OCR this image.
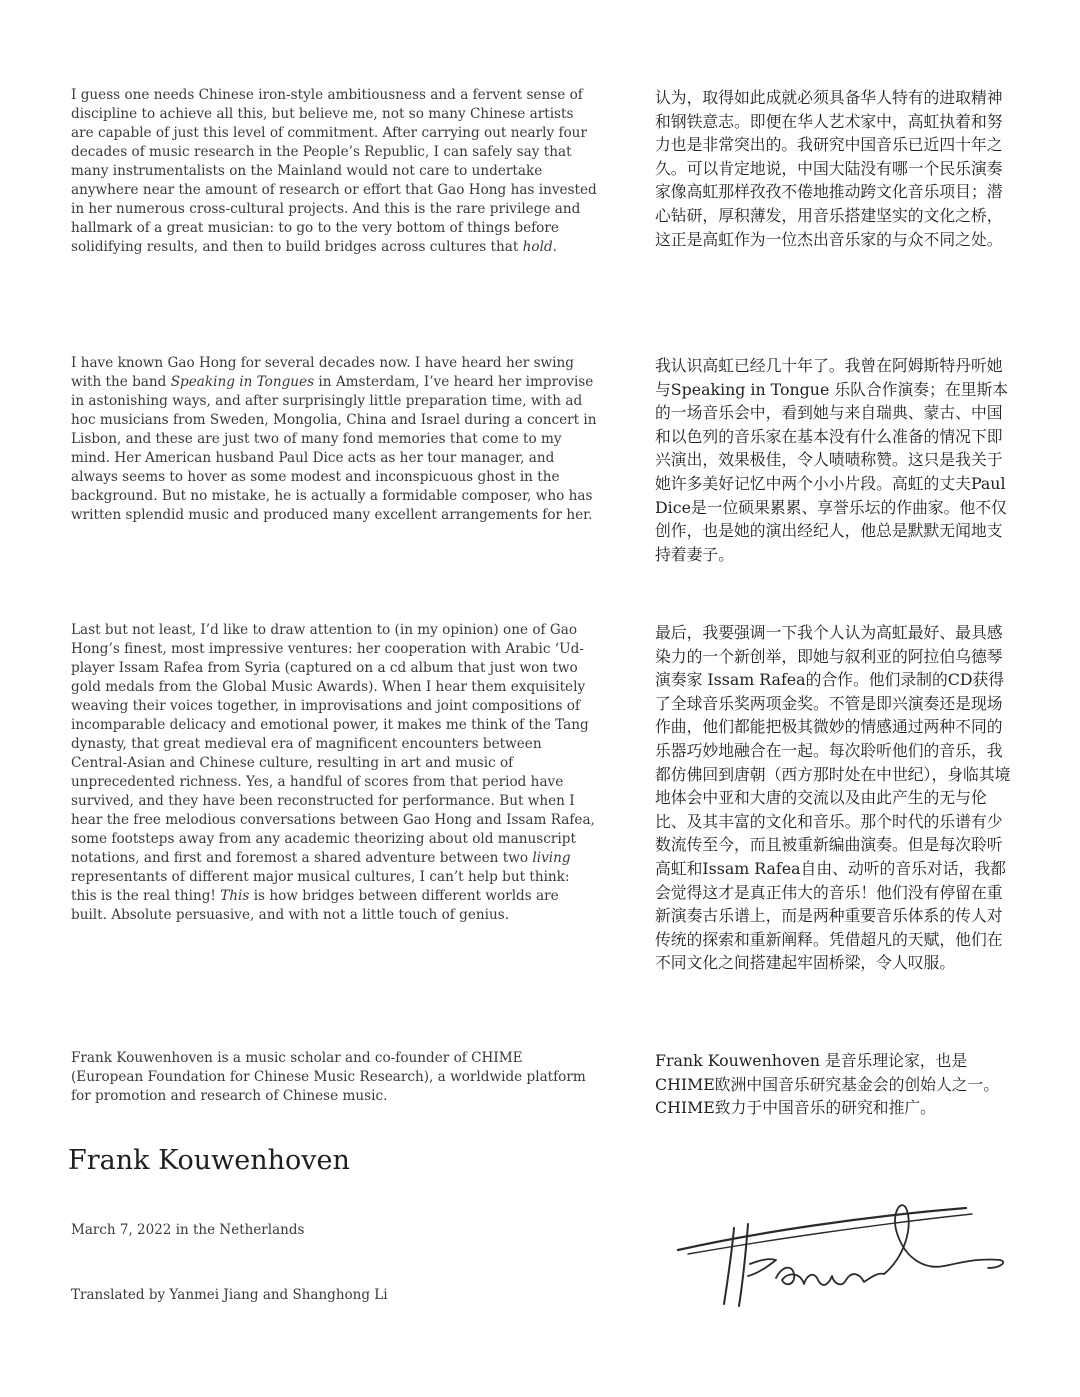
I guess one needs Chinese iron-style ambitiousness and a fervent sense of discipline to achieve all this, but believe me, not so many Chinese artists are capable of just this level of commitment. After carrying out nearly four decades of music research in the People’s Republic, I can safely say that many instrumentalists on the Mainland would not care to undertake anywhere near the amount of research or effort that Gao Hong has invested in her numerous cross-cultural projects. And this is the rare privilege and hallmark of a great musician: to go to the very bottom of things before solidifying results, and then to build bridges across cultures that hold.

认为，取得如此成就必须具备华人特有的进取精神和钢铁意志。即便在华人艺术家中，高虹执着和努力也是非常突出的。我研究中国音乐已近四十年之久。可以肯定地说，中国大陆没有哪一个民乐演奏家像高虹那样孜孜不倦地推动跨文化音乐项目；潜心钻研，厚积薄发，用音乐搭建坚实的文化之桥，这正是高虹作为一位杰出音乐家的与众不同之处。

I have known Gao Hong for several decades now. I have heard her swing with the band Speaking in Tongues in Amsterdam, I’ve heard her improvise in astonishing ways, and after surprisingly little preparation time, with ad hoc musicians from Sweden, Mongolia, China and Israel during a concert in Lisbon, and these are just two of many fond memories that come to my mind. Her American husband Paul Dice acts as her tour manager, and always seems to hover as some modest and inconspicuous ghost in the background. But no mistake, he is actually a formidable composer, who has written splendid music and produced many excellent arrangements for her.

我认识高虹已经几十年了。我曾在阿姆斯特丹听她与Speaking in Tongue 乐队合作演奏；在里斯本的一场音乐会中，看到她与来自瑞典、蒙古、中国和以色列的音乐家在基本没有什么准备的情况下即兴演出，效果极佳，令人啧啧称赞。这只是我关于她许多美好记忆中两个小小片段。高虹的丈夫Paul Dice是一位硕果累累、享誉乐坛的作曲家。他不仅创作，也是她的演出经纪人，他总是默默无闻地支持着妻子。

Last but not least, I’d like to draw attention to (in my opinion) one of Gao Hong’s finest, most impressive ventures: her cooperation with Arabic ‘Ud-player Issam Rafea from Syria (captured on a cd album that just won two gold medals from the Global Music Awards). When I hear them exquisitely weaving their voices together, in improvisations and joint compositions of incomparable delicacy and emotional power, it makes me think of the Tang dynasty, that great medieval era of magnificent encounters between Central-Asian and Chinese culture, resulting in art and music of unprecedented richness. Yes, a handful of scores from that period have survived, and they have been reconstructed for performance. But when I hear the free melodious conversations between Gao Hong and Issam Rafea, some footsteps away from any academic theorizing about old manuscript notations, and first and foremost a shared adventure between two living representants of different major musical cultures, I can’t help but think: this is the real thing! This is how bridges between different worlds are built. Absolute persuasive, and with not a little touch of genius.

最后，我要强调一下我个人认为高虹最好、最具感染力的一个新创举，即她与叙利亚的阿拉伯乌德琴演奏家 Issam Rafea的合作。他们录制的CD获得了全球音乐奖两项金奖。不管是即兴演奏还是现场作曲，他们都能把极其微妙的情感通过两种不同的乐器巧妙地融合在一起。每次聆听他们的音乐，我都仿佛回到唐朝（西方那时处在中世纪），身临其境地体会中亚和大唐的交流以及由此产生的无与伦比、及其丰富的文化和音乐。那个时代的乐谱有少数流传至今，而且被重新编曲演奏。但是每次聆听高虹和Issam Rafea自由、动听的音乐对话，我都会觉得这才是真正伟大的音乐！他们没有停留在重新演奏古乐谱上，而是两种重要音乐体系的传人对传统的探索和重新阐释。凭借超凡的天赋，他们在不同文化之间搭建起牢固桥梁，令人叹服。

Frank Kouwenhoven is a music scholar and co-founder of CHIME (European Foundation for Chinese Music Research), a worldwide platform for promotion and research of Chinese music.

Frank Kouwenhoven 是音乐理论家，也是CHIME欧洲中国音乐研究基金会的创始人之一。CHIME致力于中国音乐的研究和推广。

Frank Kouwenhoven
March 7, 2022 in the Netherlands
Translated by Yanmei Jiang and Shanghong Li
